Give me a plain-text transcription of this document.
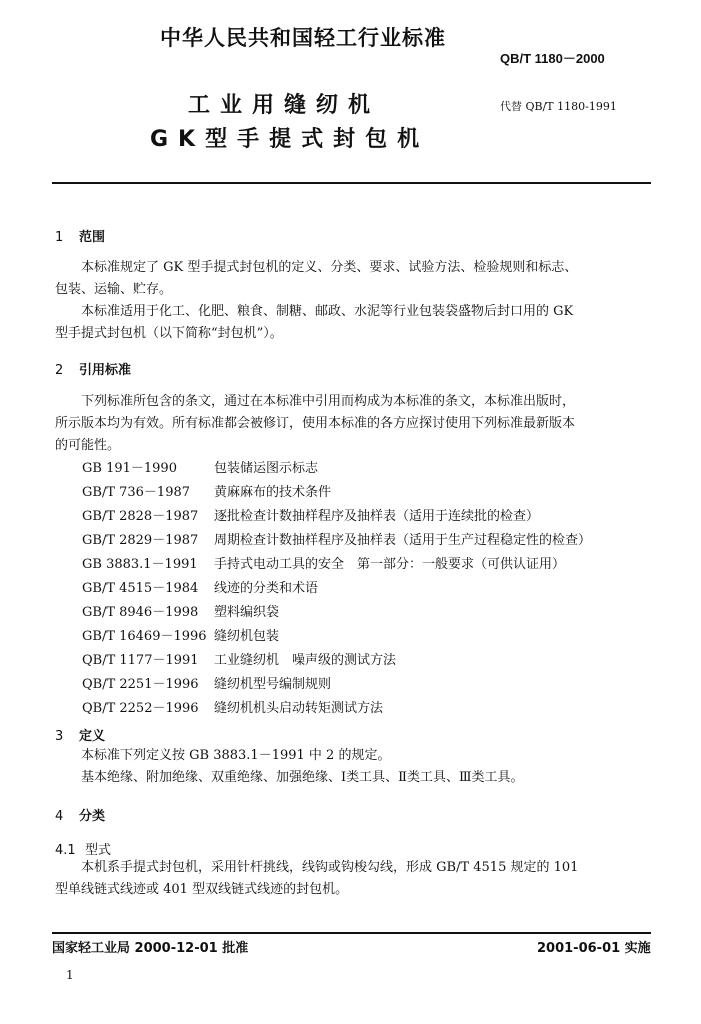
中华人民共和国轻工行业标准
QB/T 1180－2000
工业用缝纫机
GK型手提式封包机
代替 QB/T 1180-1991
1 范围
本标准规定了 GK 型手提式封包机的定义、分类、要求、试验方法、检验规则和标志、
包装、运输、贮存。
本标准适用于化工、化肥、粮食、制糖、邮政、水泥等行业包装袋盛物后封口用的 GK
型手提式封包机（以下简称“封包机”）。
2 引用标准
下列标准所包含的条文，通过在本标准中引用而构成为本标准的条文，本标准出版时，
所示版本均为有效。所有标准都会被修订，使用本标准的各方应探讨使用下列标准最新版本
的可能性。
GB 191－1990	包装储运图示标志
GB/T 736－1987 黄麻麻布的技术条件
GB/T 2828－1987 逐批检查计数抽样程序及抽样表（适用于连续批的检查）
GB/T 2829－1987 周期检查计数抽样程序及抽样表（适用于生产过程稳定性的检查）
GB 3883.1－1991 手持式电动工具的安全　第一部分：一般要求（可供认证用）
GB/T 4515－1984 线迹的分类和术语
GB/T 8946－1998 塑料编织袋
GB/T 16469－1996 缝纫机包装
QB/T 1177－1991 工业缝纫机　噪声级的测试方法
QB/T 2251－1996 缝纫机型号编制规则
QB/T 2252－1996 缝纫机机头启动转矩测试方法
3 定义
本标准下列定义按 GB 3883.1－1991 中 2 的规定。
基本绝缘、附加绝缘、双重绝缘、加强绝缘、Ⅰ类工具、Ⅱ类工具、Ⅲ类工具。
4 分类
4.1 型式
本机系手提式封包机，采用针杆挑线，线钩或钩梭勾线，形成 GB/T 4515 规定的 101
型单线链式线迹或 401 型双线链式线迹的封包机。
国家轻工业局 2000-12-01 批准	2001-06-01 实施
1
